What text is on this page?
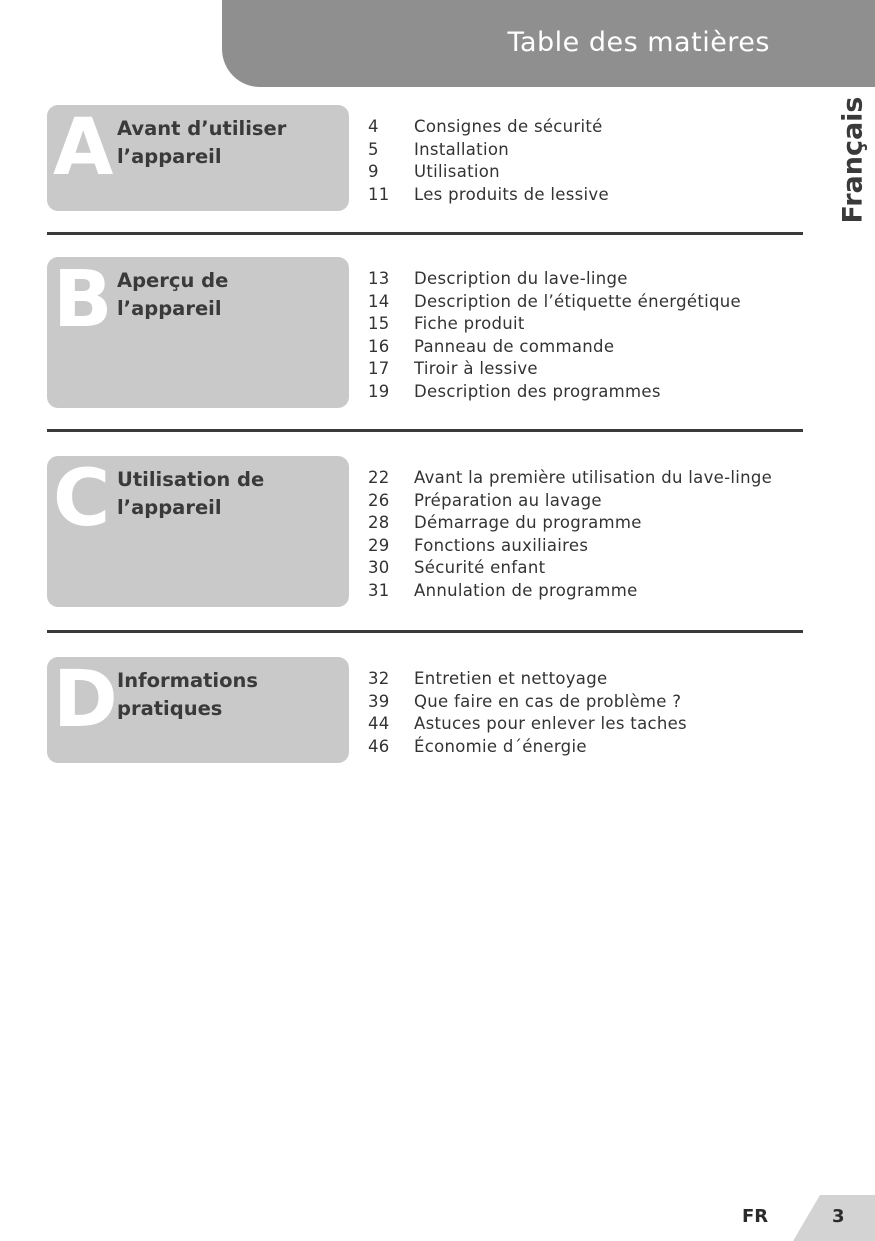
Table des matières
Français
A Avant d’utiliser
l’appareil
4 Consignes de sécurité
5 Installation
9 Utilisation
11 Les produits de lessive
B Aperçu de
l’appareil
13 Description du lave-linge
14 Description de l’étiquette énergétique
15 Fiche produit
16 Panneau de commande
17 Tiroir à lessive
19 Description des programmes
C Utilisation de
l’appareil
22 Avant la première utilisation du lave-linge
26 Préparation au lavage
28 Démarrage du programme
29 Fonctions auxiliaires
30 Sécurité enfant
31 Annulation de programme
D Informations
pratiques
32 Entretien et nettoyage
39 Que faire en cas de problème ?
44 Astuces pour enlever les taches
46 Économie d´énergie
FR	3
